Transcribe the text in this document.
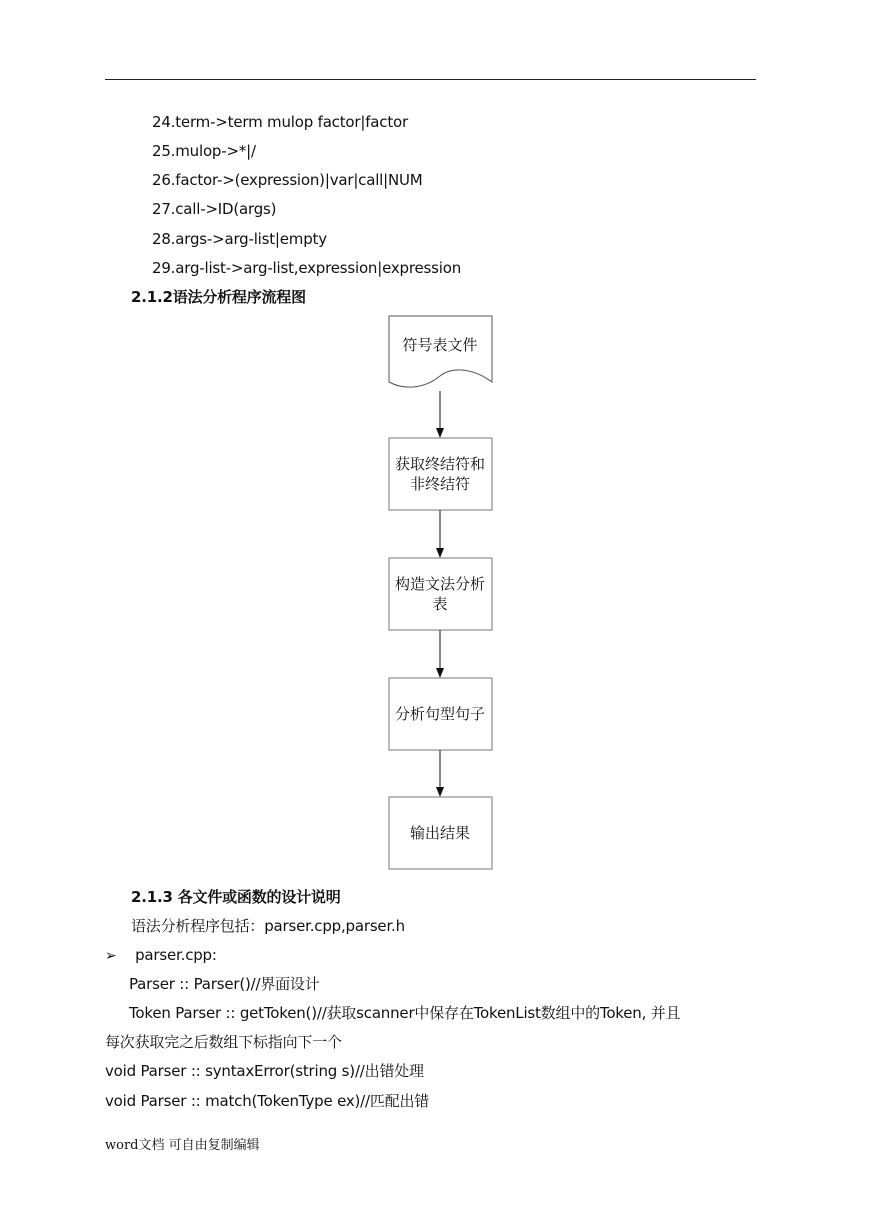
24.term->term mulop factor|factor
25.mulop->*|/
26.factor->(expression)|var|call|NUM
27.call->ID(args)
28.args->arg-list|empty
29.arg-list->arg-list,expression|expression
2.1.2语法分析程序流程图
符号表文件
获取终结符和
非终结符
构造文法分析
表
分析句型句子
输出结果
2.1.3 各文件或函数的设计说明
语法分析程序包括：parser.cpp,parser.h
➢ parser.cpp:
Parser :: Parser()//界面设计
Token Parser :: getToken()//获取scanner中保存在TokenList数组中的Token, 并且
每次获取完之后数组下标指向下一个
void Parser :: syntaxError(string s)//出错处理
void Parser :: match(TokenType ex)//匹配出错
word文档 可自由复制编辑
